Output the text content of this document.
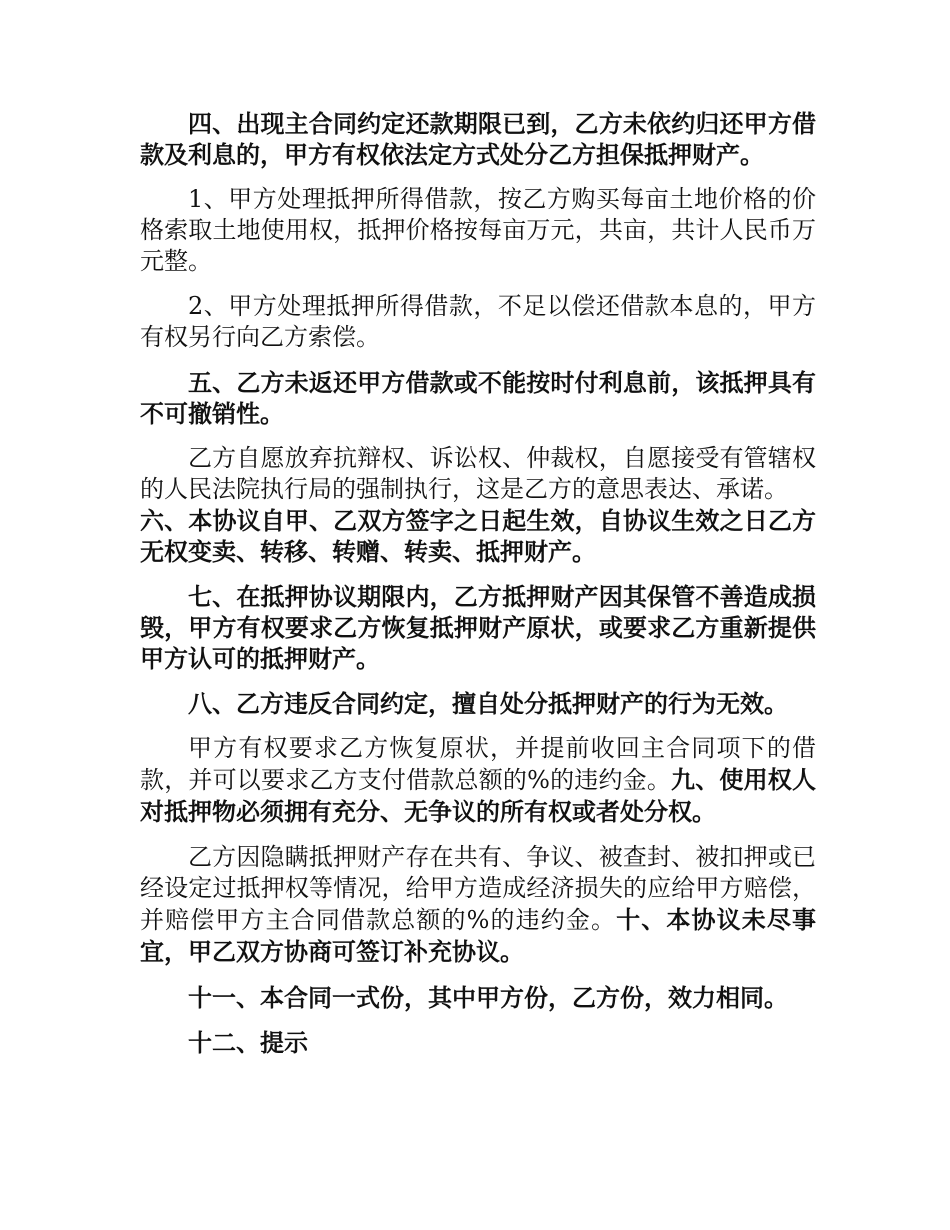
四、出现主合同约定还款期限已到，乙方未依约归还甲方借款及利息的，甲方有权依法定方式处分乙方担保抵押财产。

1、甲方处理抵押所得借款，按乙方购买每亩土地价格的价格索取土地使用权，抵押价格按每亩万元，共亩，共计人民币万元整。

2、甲方处理抵押所得借款，不足以偿还借款本息的，甲方有权另行向乙方索偿。

五、乙方未返还甲方借款或不能按时付利息前，该抵押具有不可撤销性。

乙方自愿放弃抗辩权、诉讼权、仲裁权，自愿接受有管辖权的人民法院执行局的强制执行，这是乙方的意思表达、承诺。

六、本协议自甲、乙双方签字之日起生效，自协议生效之日乙方无权变卖、转移、转赠、转卖、抵押财产。

七、在抵押协议期限内，乙方抵押财产因其保管不善造成损毁，甲方有权要求乙方恢复抵押财产原状，或要求乙方重新提供甲方认可的抵押财产。

八、乙方违反合同约定，擅自处分抵押财产的行为无效。

甲方有权要求乙方恢复原状，并提前收回主合同项下的借款，并可以要求乙方支付借款总额的%的违约金。九、使用权人对抵押物必须拥有充分、无争议的所有权或者处分权。

乙方因隐瞒抵押财产存在共有、争议、被查封、被扣押或已经设定过抵押权等情况，给甲方造成经济损失的应给甲方赔偿，并赔偿甲方主合同借款总额的%的违约金。十、本协议未尽事宜，甲乙双方协商可签订补充协议。

十一、本合同一式份，其中甲方份，乙方份，效力相同。

十二、提示
